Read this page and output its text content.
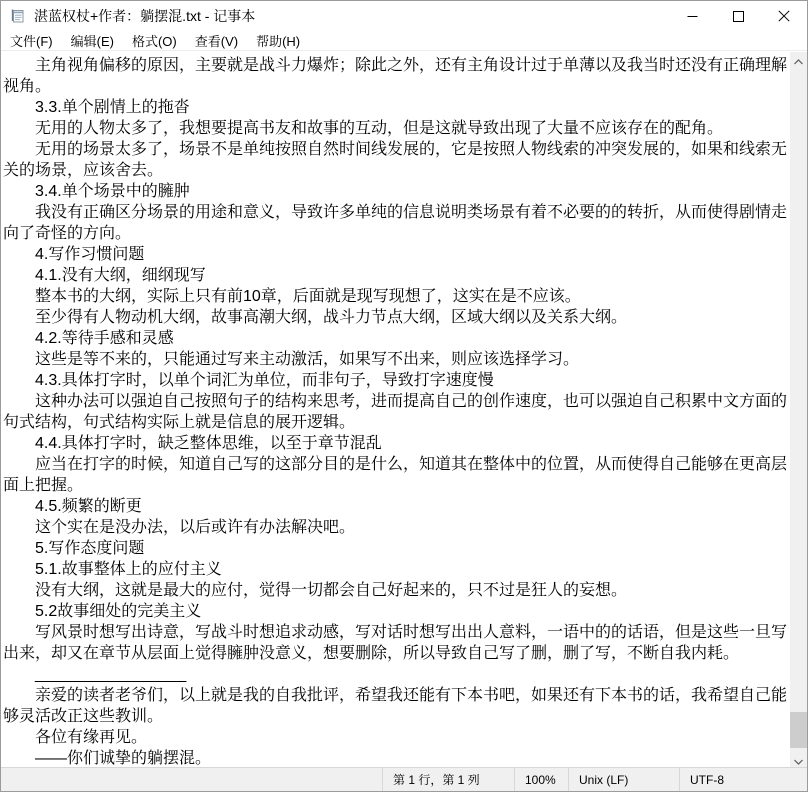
湛蓝权杖+作者：躺摆混.txt - 记事本
文件(F)	编辑(E)	格式(O)	查看(V)	帮助(H)
　　主角视角偏移的原因，主要就是战斗力爆炸；除此之外，还有主角设计过于单薄以及我当时还没有正确理解
视角。
　　3.3.单个剧情上的拖沓
　　无用的人物太多了，我想要提高书友和故事的互动，但是这就导致出现了大量不应该存在的配角。
　　无用的场景太多了，场景不是单纯按照自然时间线发展的，它是按照人物线索的冲突发展的，如果和线索无
关的场景，应该舍去。
　　3.4.单个场景中的臃肿
　　我没有正确区分场景的用途和意义，导致许多单纯的信息说明类场景有着不必要的的转折，从而使得剧情走
向了奇怪的方向。
　　4.写作习惯问题
　　4.1.没有大纲，细纲现写
　　整本书的大纲，实际上只有前10章，后面就是现写现想了，这实在是不应该。
　　至少得有人物动机大纲，故事高潮大纲，战斗力节点大纲，区域大纲以及关系大纲。
　　4.2.等待手感和灵感
　　这些是等不来的，只能通过写来主动激活，如果写不出来，则应该选择学习。
　　4.3.具体打字时，以单个词汇为单位，而非句子，导致打字速度慢
　　这种办法可以强迫自己按照句子的结构来思考，进而提高自己的创作速度，也可以强迫自己积累中文方面的
句式结构，句式结构实际上就是信息的展开逻辑。
　　4.4.具体打字时，缺乏整体思维，以至于章节混乱
　　应当在打字的时候，知道自己写的这部分目的是什么，知道其在整体中的位置，从而使得自己能够在更高层
面上把握。
　　4.5.频繁的断更
　　这个实在是没办法，以后或许有办法解决吧。
　　5.写作态度问题
　　5.1.故事整体上的应付主义
　　没有大纲，这就是最大的应付，觉得一切都会自己好起来的，只不过是狂人的妄想。
　　5.2故事细处的完美主义
　　写风景时想写出诗意，写战斗时想追求动感，写对话时想写出出人意料，一语中的的话语，但是这些一旦写
出来，却又在章节从层面上觉得臃肿没意义，想要删除，所以导致自己写了删，删了写，不断自我内耗。
　　_________________
　　亲爱的读者老爷们，以上就是我的自我批评，希望我还能有下本书吧，如果还有下本书的话，我希望自己能
够灵活改正这些教训。
　　各位有缘再见。
　　——你们诚挚的躺摆混。
第 1 行，第 1 列	100%	Unix (LF)	UTF-8
